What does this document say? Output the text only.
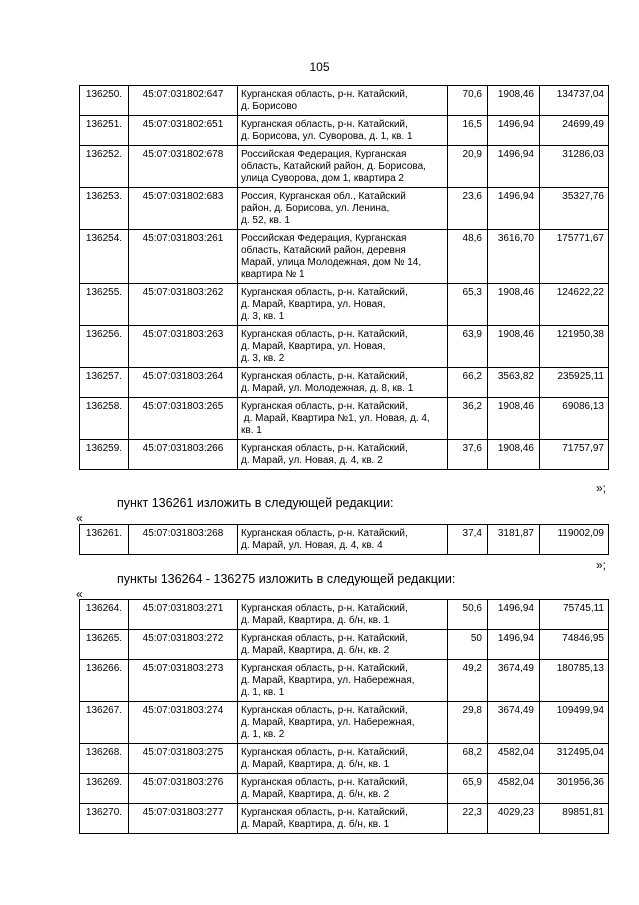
105
136250.	45:07:031802:647	Курганская область, р-н. Катайский,
д. Борисово	70,6	1908,46	134737,04
136251.	45:07:031802:651	Курганская область, р-н. Катайский,
д. Борисова, ул. Суворова, д. 1, кв. 1	16,5	1496,94	24699,49
136252.	45:07:031802:678	Российская Федерация, Курганская
область, Катайский район, д. Борисова,
улица Суворова, дом 1, квартира 2	20,9	1496,94	31286,03
136253.	45:07:031802:683	Россия, Курганская обл., Катайский
район, д. Борисова, ул. Ленина,
д. 52, кв. 1	23,6	1496,94	35327,76
136254.	45:07:031803:261	Российская Федерация, Курганская
область, Катайский район, деревня
Марай, улица Молодежная, дом № 14,
квартира № 1	48,6	3616,70	175771,67
136255.	45:07:031803:262	Курганская область, р-н. Катайский,
д. Марай, Квартира, ул. Новая,
д. 3, кв. 1	65,3	1908,46	124622,22
136256.	45:07:031803:263	Курганская область, р-н. Катайский,
д. Марай, Квартира, ул. Новая,
д. 3, кв. 2	63,9	1908,46	121950,38
136257.	45:07:031803:264	Курганская область, р-н. Катайский,
д. Марай, ул. Молодежная, д. 8, кв. 1	66,2	3563,82	235925,11
136258.	45:07:031803:265	Курганская область, р-н. Катайский,
д. Марай, Квартира №1, ул. Новая, д. 4,
кв. 1	36,2	1908,46	69086,13
136259.	45:07:031803:266	Курганская область, р-н. Катайский,
д. Марай, ул. Новая, д. 4, кв. 2	37,6	1908,46	71757,97
»;
пункт 136261 изложить в следующей редакции:
«
136261.	45:07:031803:268	Курганская область, р-н. Катайский,
д. Марай, ул. Новая, д. 4, кв. 4
	37,4	3181,87	119002,09
»;
пункты 136264 - 136275 изложить в следующей редакции:
«
136264.	45:07:031803:271	Курганская область, р-н. Катайский,
д. Марай, Квартира, д. б/н, кв. 1	50,6	1496,94	75745,11
136265.	45:07:031803:272	Курганская область, р-н. Катайский,
д. Марай, Квартира, д. б/н, кв. 2	50	1496,94	74846,95
136266.	45:07:031803:273	Курганская область, р-н. Катайский,
д. Марай, Квартира, ул. Набережная,
д. 1, кв. 1	49,2	3674,49	180785,13
136267.	45:07:031803:274	Курганская область, р-н. Катайский,
д. Марай, Квартира, ул. Набережная,
д. 1, кв. 2	29,8	3674,49	109499,94
136268.	45:07:031803:275	Курганская область, р-н. Катайский,
д. Марай, Квартира, д. б/н, кв. 1	68,2	4582,04	312495,04
136269.	45:07:031803:276	Курганская область, р-н. Катайский,
д. Марай, Квартира, д. б/н, кв. 2	65,9	4582,04	301956,36
136270.	45:07:031803:277	Курганская область, р-н. Катайский,
д. Марай, Квартира, д. б/н, кв. 1	22,3	4029,23	89851,81
